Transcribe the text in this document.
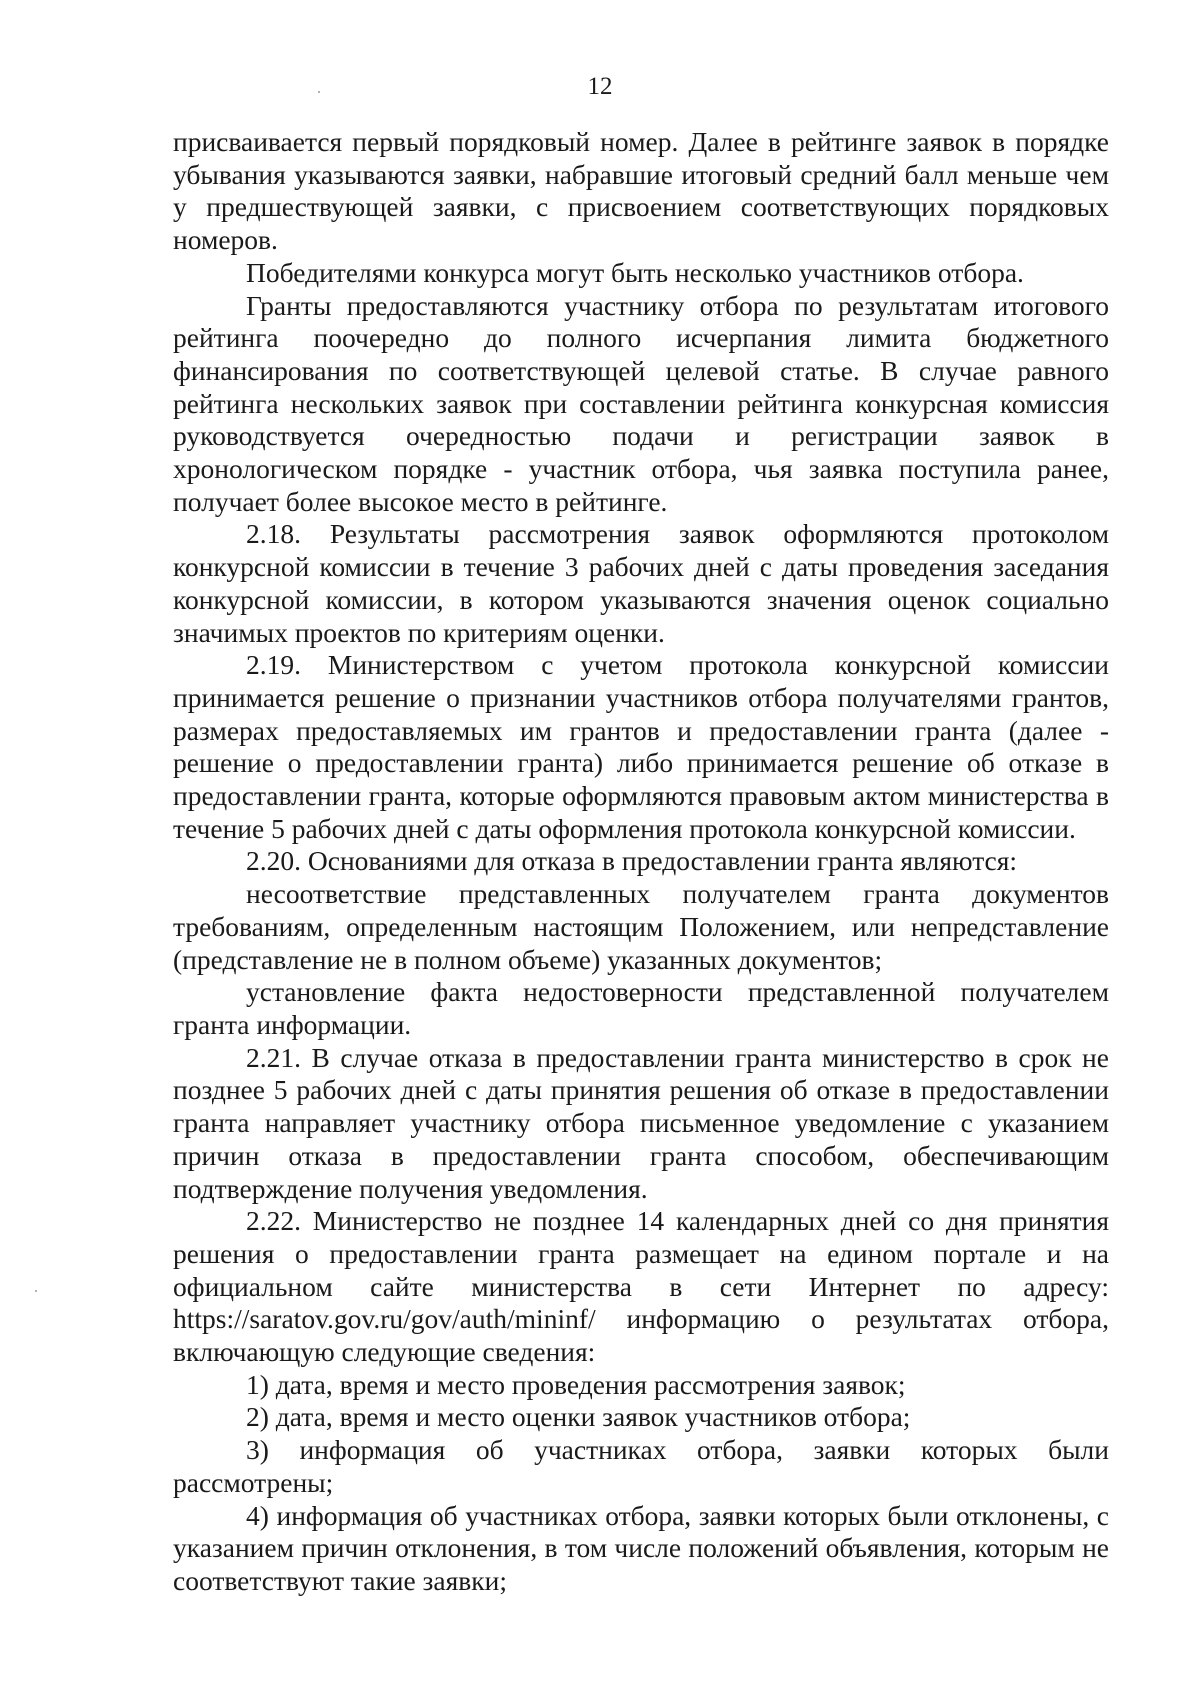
12

присваивается первый порядковый номер. Далее в рейтинге заявок в порядке убывания указываются заявки, набравшие итоговый средний балл меньше чем у предшествующей заявки, с присвоением соответствующих порядковых номеров.

Победителями конкурса могут быть несколько участников отбора.

Гранты предоставляются участнику отбора по результатам итогового рейтинга поочередно до полного исчерпания лимита бюджетного финансирования по соответствующей целевой статье. В случае равного рейтинга нескольких заявок при составлении рейтинга конкурсная комиссия руководствуется очередностью подачи и регистрации заявок в хронологическом порядке - участник отбора, чья заявка поступила ранее, получает более высокое место в рейтинге.

2.18. Результаты рассмотрения заявок оформляются протоколом конкурсной комиссии в течение 3 рабочих дней с даты проведения заседания конкурсной комиссии, в котором указываются значения оценок социально значимых проектов по критериям оценки.

2.19. Министерством с учетом протокола конкурсной комиссии принимается решение о признании участников отбора получателями грантов, размерах предоставляемых им грантов и предоставлении гранта (далее - решение о предоставлении гранта) либо принимается решение об отказе в предоставлении гранта, которые оформляются правовым актом министерства в течение 5 рабочих дней с даты оформления протокола конкурсной комиссии.

2.20. Основаниями для отказа в предоставлении гранта являются:

несоответствие представленных получателем гранта документов требованиям, определенным настоящим Положением, или непредставление (представление не в полном объеме) указанных документов;

установление факта недостоверности представленной получателем гранта информации.

2.21. В случае отказа в предоставлении гранта министерство в срок не позднее 5 рабочих дней с даты принятия решения об отказе в предоставлении гранта направляет участнику отбора письменное уведомление с указанием причин отказа в предоставлении гранта способом, обеспечивающим подтверждение получения уведомления.

2.22. Министерство не позднее 14 календарных дней со дня принятия решения о предоставлении гранта размещает на едином портале и на официальном сайте министерства в сети Интернет по адресу: https://saratov.gov.ru/gov/auth/mininf/ информацию о результатах отбора, включающую следующие сведения:

1) дата, время и место проведения рассмотрения заявок;

2) дата, время и место оценки заявок участников отбора;

3) информация об участниках отбора, заявки которых были рассмотрены;

4) информация об участниках отбора, заявки которых были отклонены, с указанием причин отклонения, в том числе положений объявления, которым не соответствуют такие заявки;
